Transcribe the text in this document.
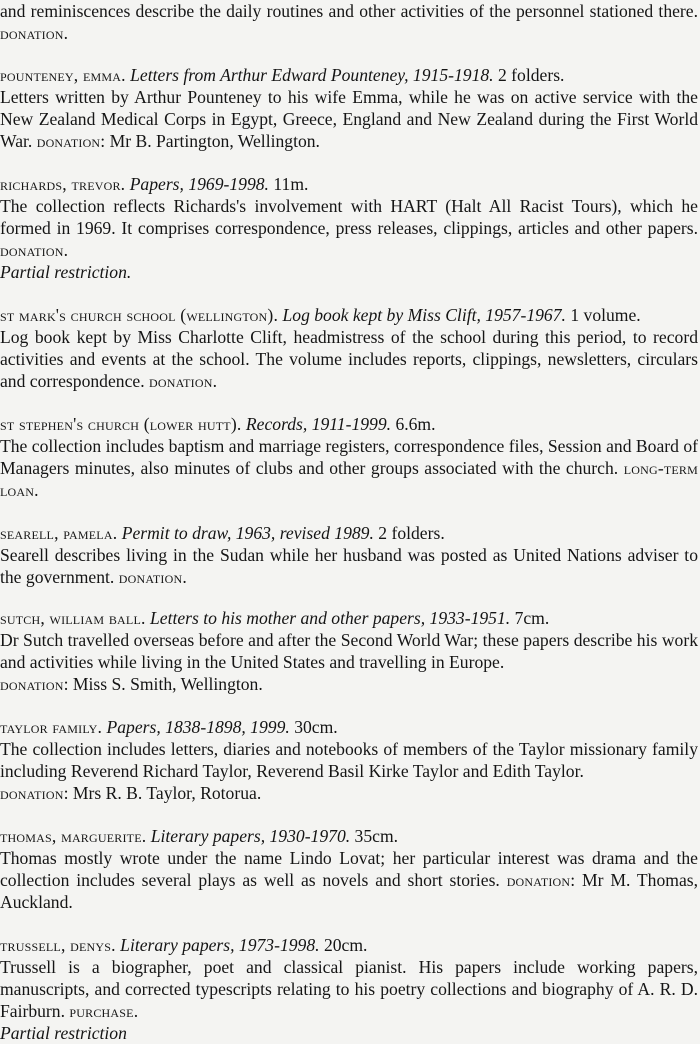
and reminiscences describe the daily routines and other activities of the personnel stationed there. donation.
pounteney, emma. Letters from Arthur Edward Pounteney, 1915-1918. 2 folders.
Letters written by Arthur Pounteney to his wife Emma, while he was on active service with the New Zealand Medical Corps in Egypt, Greece, England and New Zealand during the First World War. donation: Mr B. Partington, Wellington.
richards, trevor. Papers, 1969-1998. 11m.
The collection reflects Richards's involvement with HART (Halt All Racist Tours), which he formed in 1969. It comprises correspondence, press releases, clippings, articles and other papers. donation.
Partial restriction.
st mark's church school (wellington). Log book kept by Miss Clift, 1957-1967. 1 volume.
Log book kept by Miss Charlotte Clift, headmistress of the school during this period, to record activities and events at the school. The volume includes reports, clippings, newsletters, circulars and correspondence. donation.
st stephen's church (lower hutt). Records, 1911-1999. 6.6m.
The collection includes baptism and marriage registers, correspondence files, Session and Board of Managers minutes, also minutes of clubs and other groups associated with the church. long-term loan.
searell, pamela. Permit to draw, 1963, revised 1989. 2 folders.
Searell describes living in the Sudan while her husband was posted as United Nations adviser to the government. donation.
sutch, william ball. Letters to his mother and other papers, 1933-1951. 7cm.
Dr Sutch travelled overseas before and after the Second World War; these papers describe his work and activities while living in the United States and travelling in Europe.
donation: Miss S. Smith, Wellington.
taylor family. Papers, 1838-1898, 1999. 30cm.
The collection includes letters, diaries and notebooks of members of the Taylor missionary family including Reverend Richard Taylor, Reverend Basil Kirke Taylor and Edith Taylor.
donation: Mrs R. B. Taylor, Rotorua.
thomas, marguerite. Literary papers, 1930-1970. 35cm.
Thomas mostly wrote under the name Lindo Lovat; her particular interest was drama and the collection includes several plays as well as novels and short stories. donation: Mr M. Thomas, Auckland.
trussell, denys. Literary papers, 1973-1998. 20cm.
Trussell is a biographer, poet and classical pianist. His papers include working papers, manuscripts, and corrected typescripts relating to his poetry collections and biography of A. R. D. Fairburn. purchase.
Partial restriction
